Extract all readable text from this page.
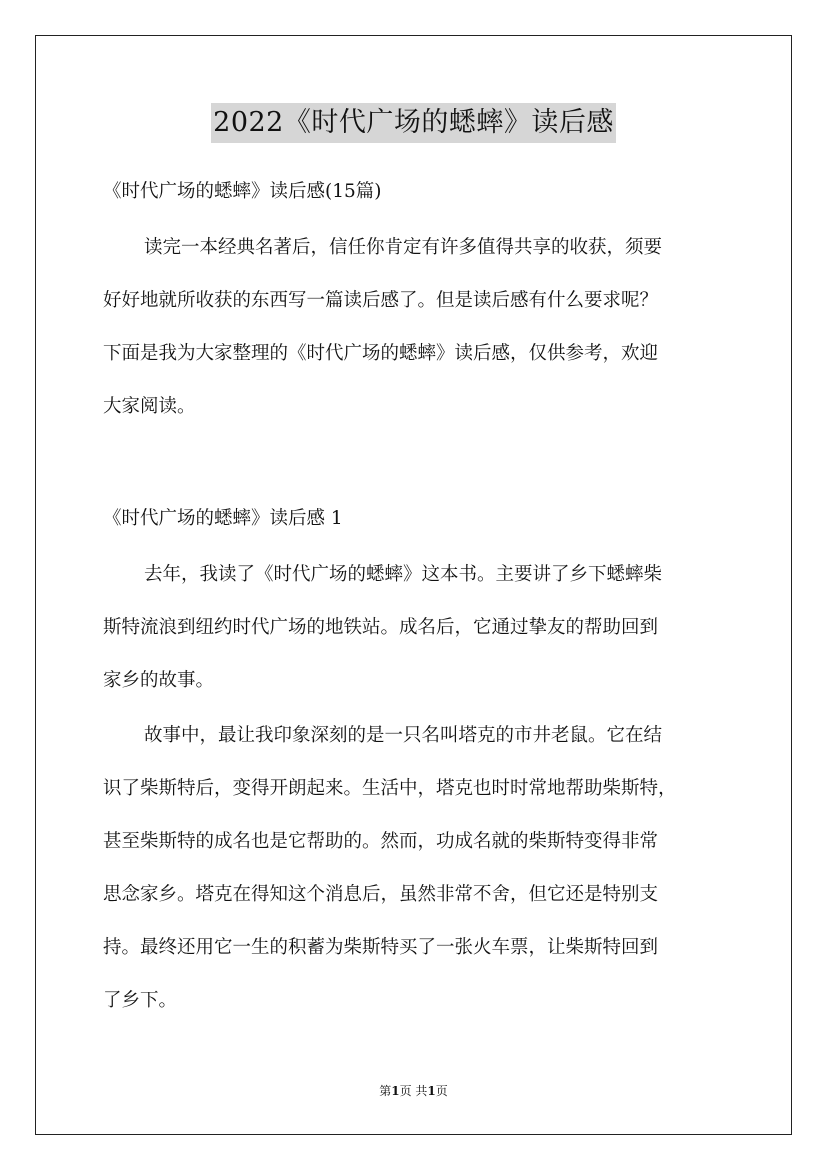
2022《时代广场的蟋蟀》读后感
《时代广场的蟋蟀》读后感(15篇)
读完一本经典名著后，信任你肯定有许多值得共享的收获，须要
好好地就所收获的东西写一篇读后感了。但是读后感有什么要求呢？
下面是我为大家整理的《时代广场的蟋蟀》读后感，仅供参考，欢迎
大家阅读。
《时代广场的蟋蟀》读后感 1
去年，我读了《时代广场的蟋蟀》这本书。主要讲了乡下蟋蟀柴
斯特流浪到纽约时代广场的地铁站。成名后，它通过挚友的帮助回到
家乡的故事。
故事中，最让我印象深刻的是一只名叫塔克的市井老鼠。它在结
识了柴斯特后，变得开朗起来。生活中，塔克也时时常地帮助柴斯特，
甚至柴斯特的成名也是它帮助的。然而，功成名就的柴斯特变得非常
思念家乡。塔克在得知这个消息后，虽然非常不舍，但它还是特别支
持。最终还用它一生的积蓄为柴斯特买了一张火车票，让柴斯特回到
了乡下。
第1页 共1页
